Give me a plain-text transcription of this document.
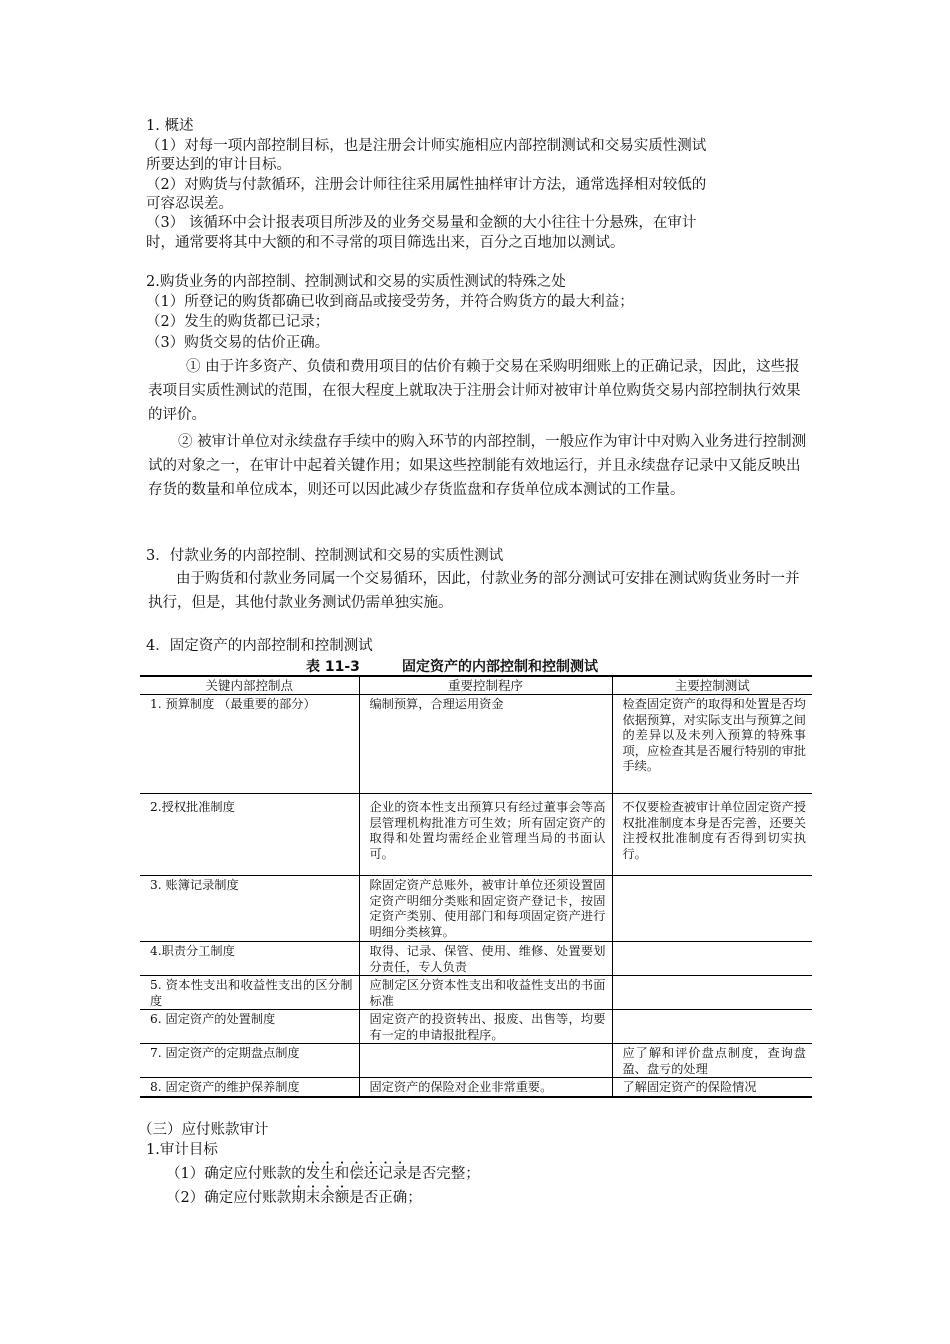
1. 概述
（1）对每一项内部控制目标，也是注册会计师实施相应内部控制测试和交易实质性测试
所要达到的审计目标。
（2）对购货与付款循环，注册会计师往往采用属性抽样审计方法，通常选择相对较低的
可容忍误差。
（3） 该循环中会计报表项目所涉及的业务交易量和金额的大小往往十分悬殊，在审计
时，通常要将其中大额的和不寻常的项目筛选出来，百分之百地加以测试。
2.购货业务的内部控制、控制测试和交易的实质性测试的特殊之处
（1）所登记的购货都确已收到商品或接受劳务，并符合购货方的最大利益；
（2）发生的购货都已记录；
（3）购货交易的估价正确。
① 由于许多资产、负债和费用项目的估价有赖于交易在采购明细账上的正确记录，因此，这些报表项目实质性测试的范围，在很大程度上就取决于注册会计师对被审计单位购货交易内部控制执行效果的评价。
② 被审计单位对永续盘存手续中的购入环节的内部控制，一般应作为审计中对购入业务进行控制测试的对象之一，在审计中起着关键作用；如果这些控制能有效地运行，并且永续盘存记录中又能反映出存货的数量和单位成本，则还可以因此减少存货监盘和存货单位成本测试的工作量。
3．付款业务的内部控制、控制测试和交易的实质性测试
由于购货和付款业务同属一个交易循环，因此，付款业务的部分测试可安排在测试购货业务时一并执行，但是，其他付款业务测试仍需单独实施。
4．固定资产的内部控制和控制测试
表 11-3	固定资产的内部控制和控制测试
关键内部控制点	重要控制程序	主要控制测试
1. 预算制度 （最重要的部分）	编制预算，合理运用资金	检查固定资产的取得和处置是否均依据预算，对实际支出与预算之间的差异以及未列入预算的特殊事项，应检查其是否履行特别的审批手续。
2.授权批准制度	企业的资本性支出预算只有经过董事会等高层管理机构批准方可生效；所有固定资产的取得和处置均需经企业管理当局的书面认可。	不仅要检查被审计单位固定资产授权批准制度本身是否完善，还要关注授权批准制度有否得到切实执行。
3. 账簿记录制度	除固定资产总账外，被审计单位还须设置固定资产明细分类账和固定资产登记卡，按固定资产类别、使用部门和每项固定资产进行明细分类核算。	
4.职责分工制度	取得、记录、保管、使用、维修、处置要划分责任，专人负责	
5. 资本性支出和收益性支出的区分制度	应制定区分资本性支出和收益性支出的书面标准	
6. 固定资产的处置制度	固定资产的投资转出、报废、出售等，均要有一定的申请报批程序。	
7. 固定资产的定期盘点制度		应了解和评价盘点制度，查询盘盈、盘亏的处理
8. 固定资产的维护保养制度	固定资产的保险对企业非常重要。	了解固定资产的保险情况
（三）应付账款审计
1.审计目标
（1）确定应付账款的发生和偿还记录是否完整；
（2）确定应付账款期末余额是否正确；
